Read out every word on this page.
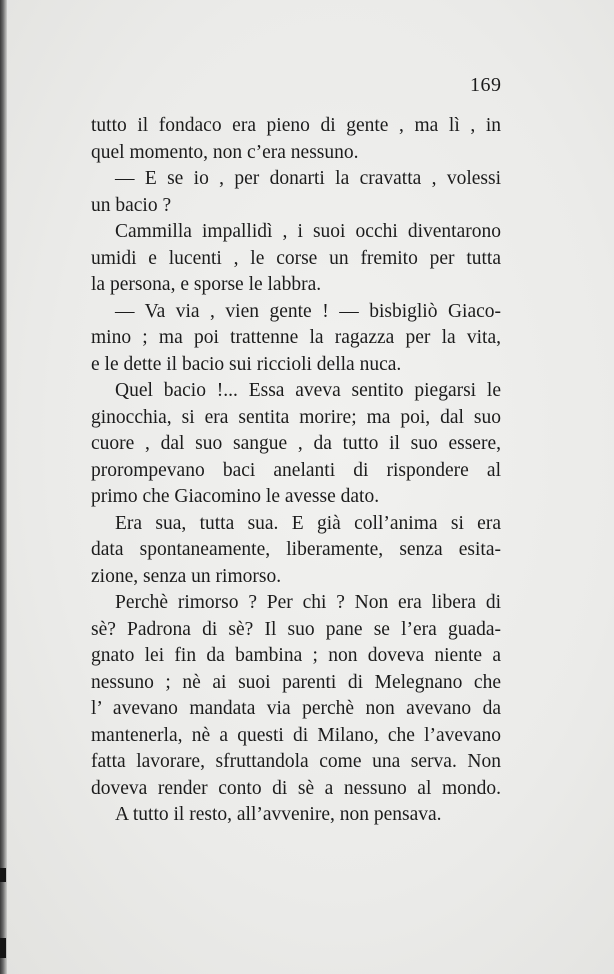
169
tutto il fondaco era pieno di gente , ma lì , in
quel momento, non c’era nessuno.
— E se io , per donarti la cravatta , volessi
un bacio ?
Cammilla impallidì , i suoi occhi diventarono
umidi e lucenti , le corse un fremito per tutta
la persona, e sporse le labbra.
— Va via , vien gente ! — bisbigliò Giaco-
mino ; ma poi trattenne la ragazza per la vita,
e le dette il bacio sui riccioli della nuca.
Quel bacio !... Essa aveva sentito piegarsi le
ginocchia, si era sentita morire; ma poi, dal suo
cuore , dal suo sangue , da tutto il suo essere,
prorompevano baci anelanti di rispondere al
primo che Giacomino le avesse dato.
Era sua, tutta sua. E già coll’anima si era
data spontaneamente, liberamente, senza esita-
zione, senza un rimorso.
Perchè rimorso ? Per chi ? Non era libera di
sè? Padrona di sè? Il suo pane se l’era guada-
gnato lei fin da bambina ; non doveva niente a
nessuno ; nè ai suoi parenti di Melegnano che
l’ avevano mandata via perchè non avevano da
mantenerla, nè a questi di Milano, che l’avevano
fatta lavorare, sfruttandola come una serva. Non
doveva render conto di sè a nessuno al mondo.
A tutto il resto, all’avvenire, non pensava.
